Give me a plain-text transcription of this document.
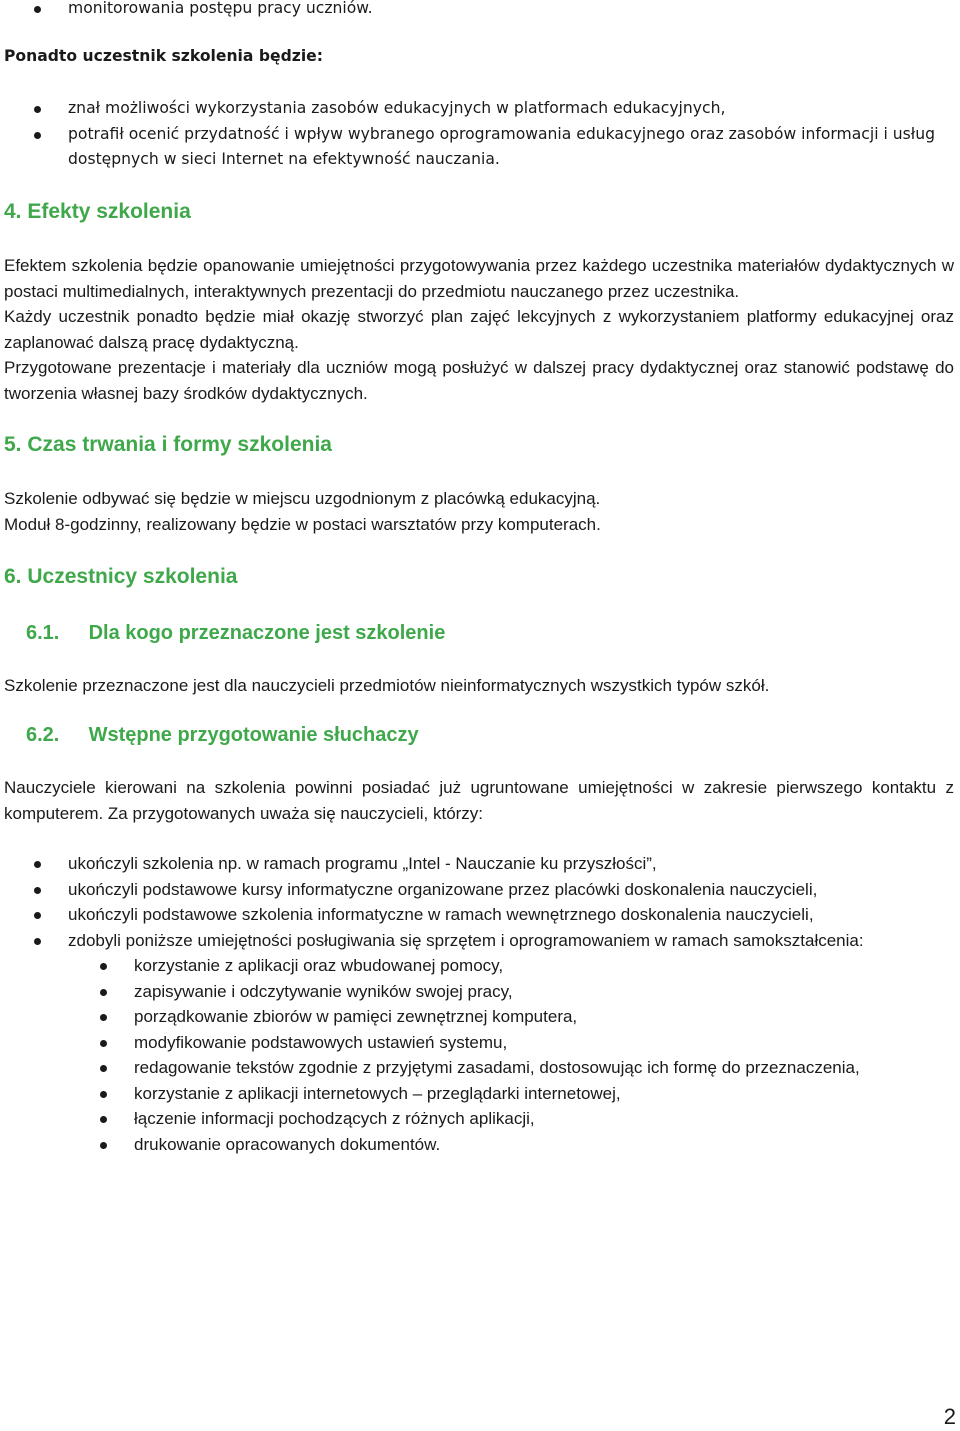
monitorowania postępu pracy uczniów.
Ponadto uczestnik szkolenia będzie:
znał możliwości wykorzystania zasobów edukacyjnych w platformach edukacyjnych,
potrafił ocenić przydatność i wpływ wybranego oprogramowania edukacyjnego oraz zasobów informacji i usług dostępnych w sieci Internet na efektywność nauczania.
4. Efekty szkolenia

Efektem szkolenia będzie opanowanie umiejętności przygotowywania przez każdego uczestnika materiałów dydaktycznych w postaci multimedialnych, interaktywnych prezentacji do przedmiotu nauczanego przez uczestnika.

Każdy uczestnik ponadto będzie miał okazję stworzyć plan zajęć lekcyjnych z wykorzystaniem platformy edukacyjnej oraz zaplanować dalszą pracę dydaktyczną.

Przygotowane prezentacje i materiały dla uczniów mogą posłużyć w dalszej pracy dydaktycznej oraz stanowić podstawę do tworzenia własnej bazy środków dydaktycznych.

5. Czas trwania i formy szkolenia

Szkolenie odbywać się będzie w miejscu uzgodnionym z placówką edukacyjną.

Moduł 8-godzinny, realizowany będzie w postaci warsztatów przy komputerach.

6. Uczestnicy szkolenia
6.1. Dla kogo przeznaczone jest szkolenie

Szkolenie przeznaczone jest dla nauczycieli przedmiotów nieinformatycznych wszystkich typów szkół.

6.2. Wstępne przygotowanie słuchaczy

Nauczyciele kierowani na szkolenia powinni posiadać już ugruntowane umiejętności w zakresie pierwszego kontaktu z komputerem. Za przygotowanych uważa się nauczycieli, którzy:

ukończyli szkolenia np. w ramach programu „Intel - Nauczanie ku przyszłości”,
ukończyli podstawowe kursy informatyczne organizowane przez placówki doskonalenia nauczycieli,
ukończyli podstawowe szkolenia informatyczne w ramach wewnętrznego doskonalenia nauczycieli,
zdobyli poniższe umiejętności posługiwania się sprzętem i oprogramowaniem w ramach samokształcenia:
korzystanie z aplikacji oraz wbudowanej pomocy,
zapisywanie i odczytywanie wyników swojej pracy,
porządkowanie zbiorów w pamięci zewnętrznej komputera,
modyfikowanie podstawowych ustawień systemu,
redagowanie tekstów zgodnie z przyjętymi zasadami, dostosowując ich formę do przeznaczenia,
korzystanie z aplikacji internetowych – przeglądarki internetowej,
łączenie informacji pochodzących z różnych aplikacji,
drukowanie opracowanych dokumentów.
2
